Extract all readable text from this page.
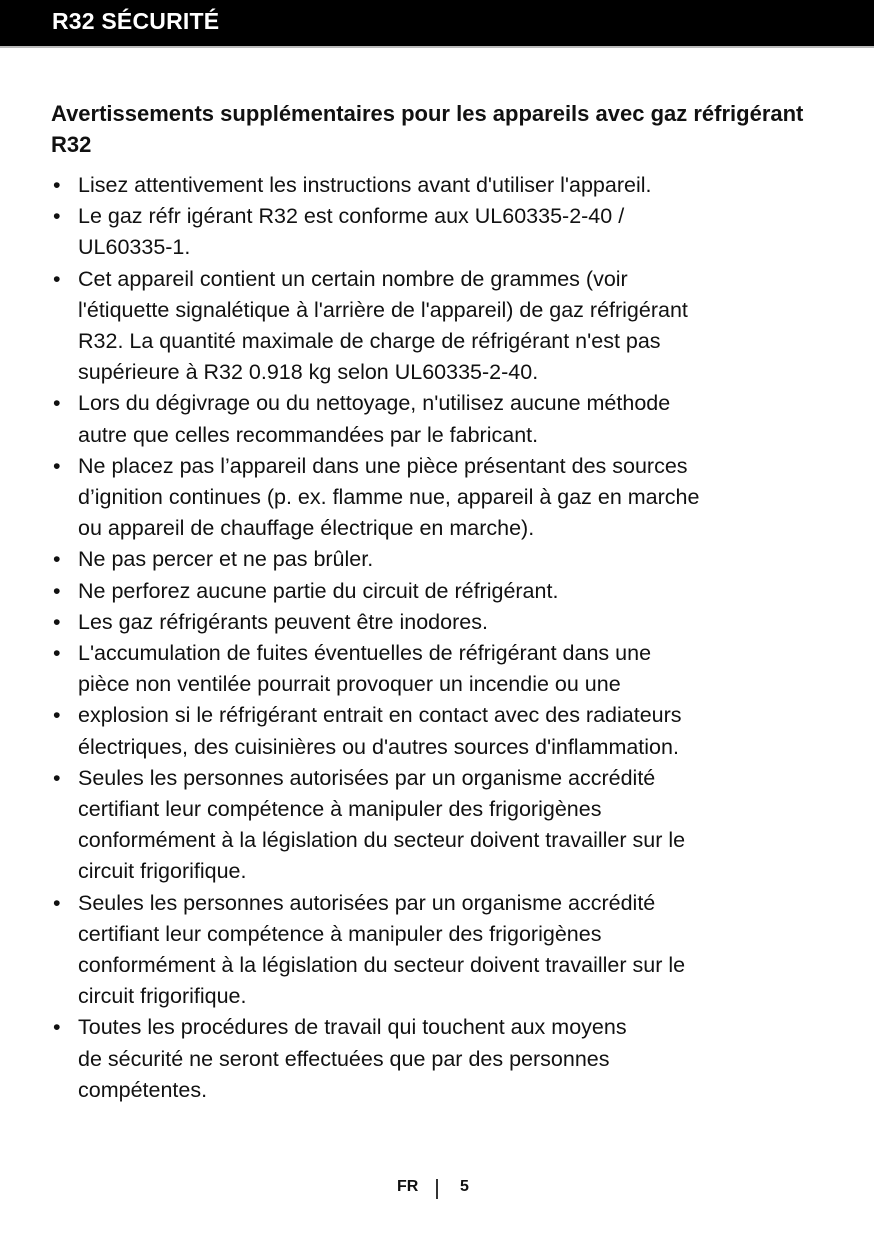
R32 SÉCURITÉ
Avertissements supplémentaires pour les appareils avec gaz réfrigérant R32
• Lisez attentivement les instructions avant d'utiliser l'appareil.
• Le gaz réfr igérant R32 est conforme aux UL60335-2-40 /
UL60335-1.
• Cet appareil contient un certain nombre de grammes (voir
l'étiquette signalétique à l'arrière de l'appareil) de gaz réfrigérant
R32. La quantité maximale de charge de réfrigérant n'est pas
supérieure à R32 0.918 kg selon UL60335-2-40.
• Lors du dégivrage ou du nettoyage, n'utilisez aucune méthode
autre que celles recommandées par le fabricant.
• Ne placez pas l’appareil dans une pièce présentant des sources
d’ignition continues (p. ex. flamme nue, appareil à gaz en marche
ou appareil de chauffage électrique en marche).
• Ne pas percer et ne pas brûler.
• Ne perforez aucune partie du circuit de réfrigérant.
• Les gaz réfrigérants peuvent être inodores.
• L'accumulation de fuites éventuelles de réfrigérant dans une
pièce non ventilée pourrait provoquer un incendie ou une
• explosion si le réfrigérant entrait en contact avec des radiateurs
électriques, des cuisinières ou d'autres sources d'inflammation.
• Seules les personnes autorisées par un organisme accrédité
certifiant leur compétence à manipuler des frigorigènes
conformément à la législation du secteur doivent travailler sur le
circuit frigorifique.
• Seules les personnes autorisées par un organisme accrédité
certifiant leur compétence à manipuler des frigorigènes
conformément à la législation du secteur doivent travailler sur le
circuit frigorifique.
• Toutes les procédures de travail qui touchent aux moyens
de sécurité ne seront effectuées que par des personnes
compétentes.
FR	5
